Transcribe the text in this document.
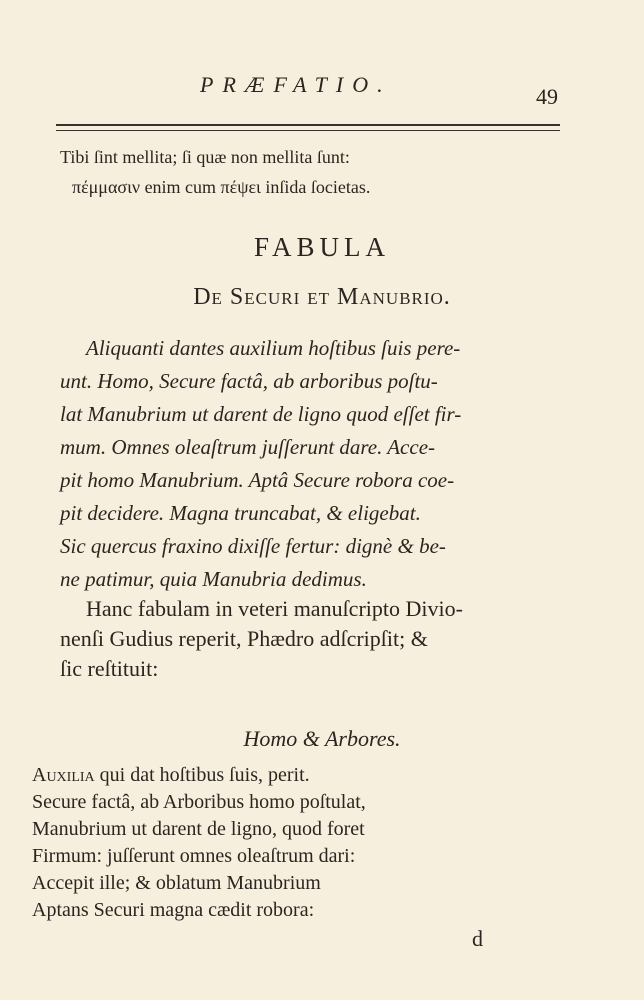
PRÆFATIO.	49
Tibi ſint mellita; ſi quæ non mellita ſunt:
πέμμασιν enim cum πέψει inſida ſocietas.
FABULA
De Securi et Manubrio.
Aliquanti dantes auxilium hoſtibus ſuis pere-
unt. Homo, Secure factâ, ab arboribus poſtu-
lat Manubrium ut darent de ligno quod eſſet fir-
mum. Omnes oleaſtrum juſſerunt dare. Acce-
pit homo Manubrium. Aptâ Secure robora coe-
pit decidere. Magna truncabat, & eligebat.
Sic quercus fraxino dixiſſe fertur: dignè & be-
ne patimur, quia Manubria dedimus.
Hanc fabulam in veteri manuſcripto Divio-
nenſi Gudius reperit, Phædro adſcripſit; &
ſic reſtituit:
Homo & Arbores.
Auxilia qui dat hoſtibus ſuis, perit.
Secure factâ, ab Arboribus homo poſtulat,
Manubrium ut darent de ligno, quod foret
Firmum: juſſerunt omnes oleaſtrum dari:
Accepit ille; & oblatum Manubrium
Aptans Securi magna cædit robora:
d
